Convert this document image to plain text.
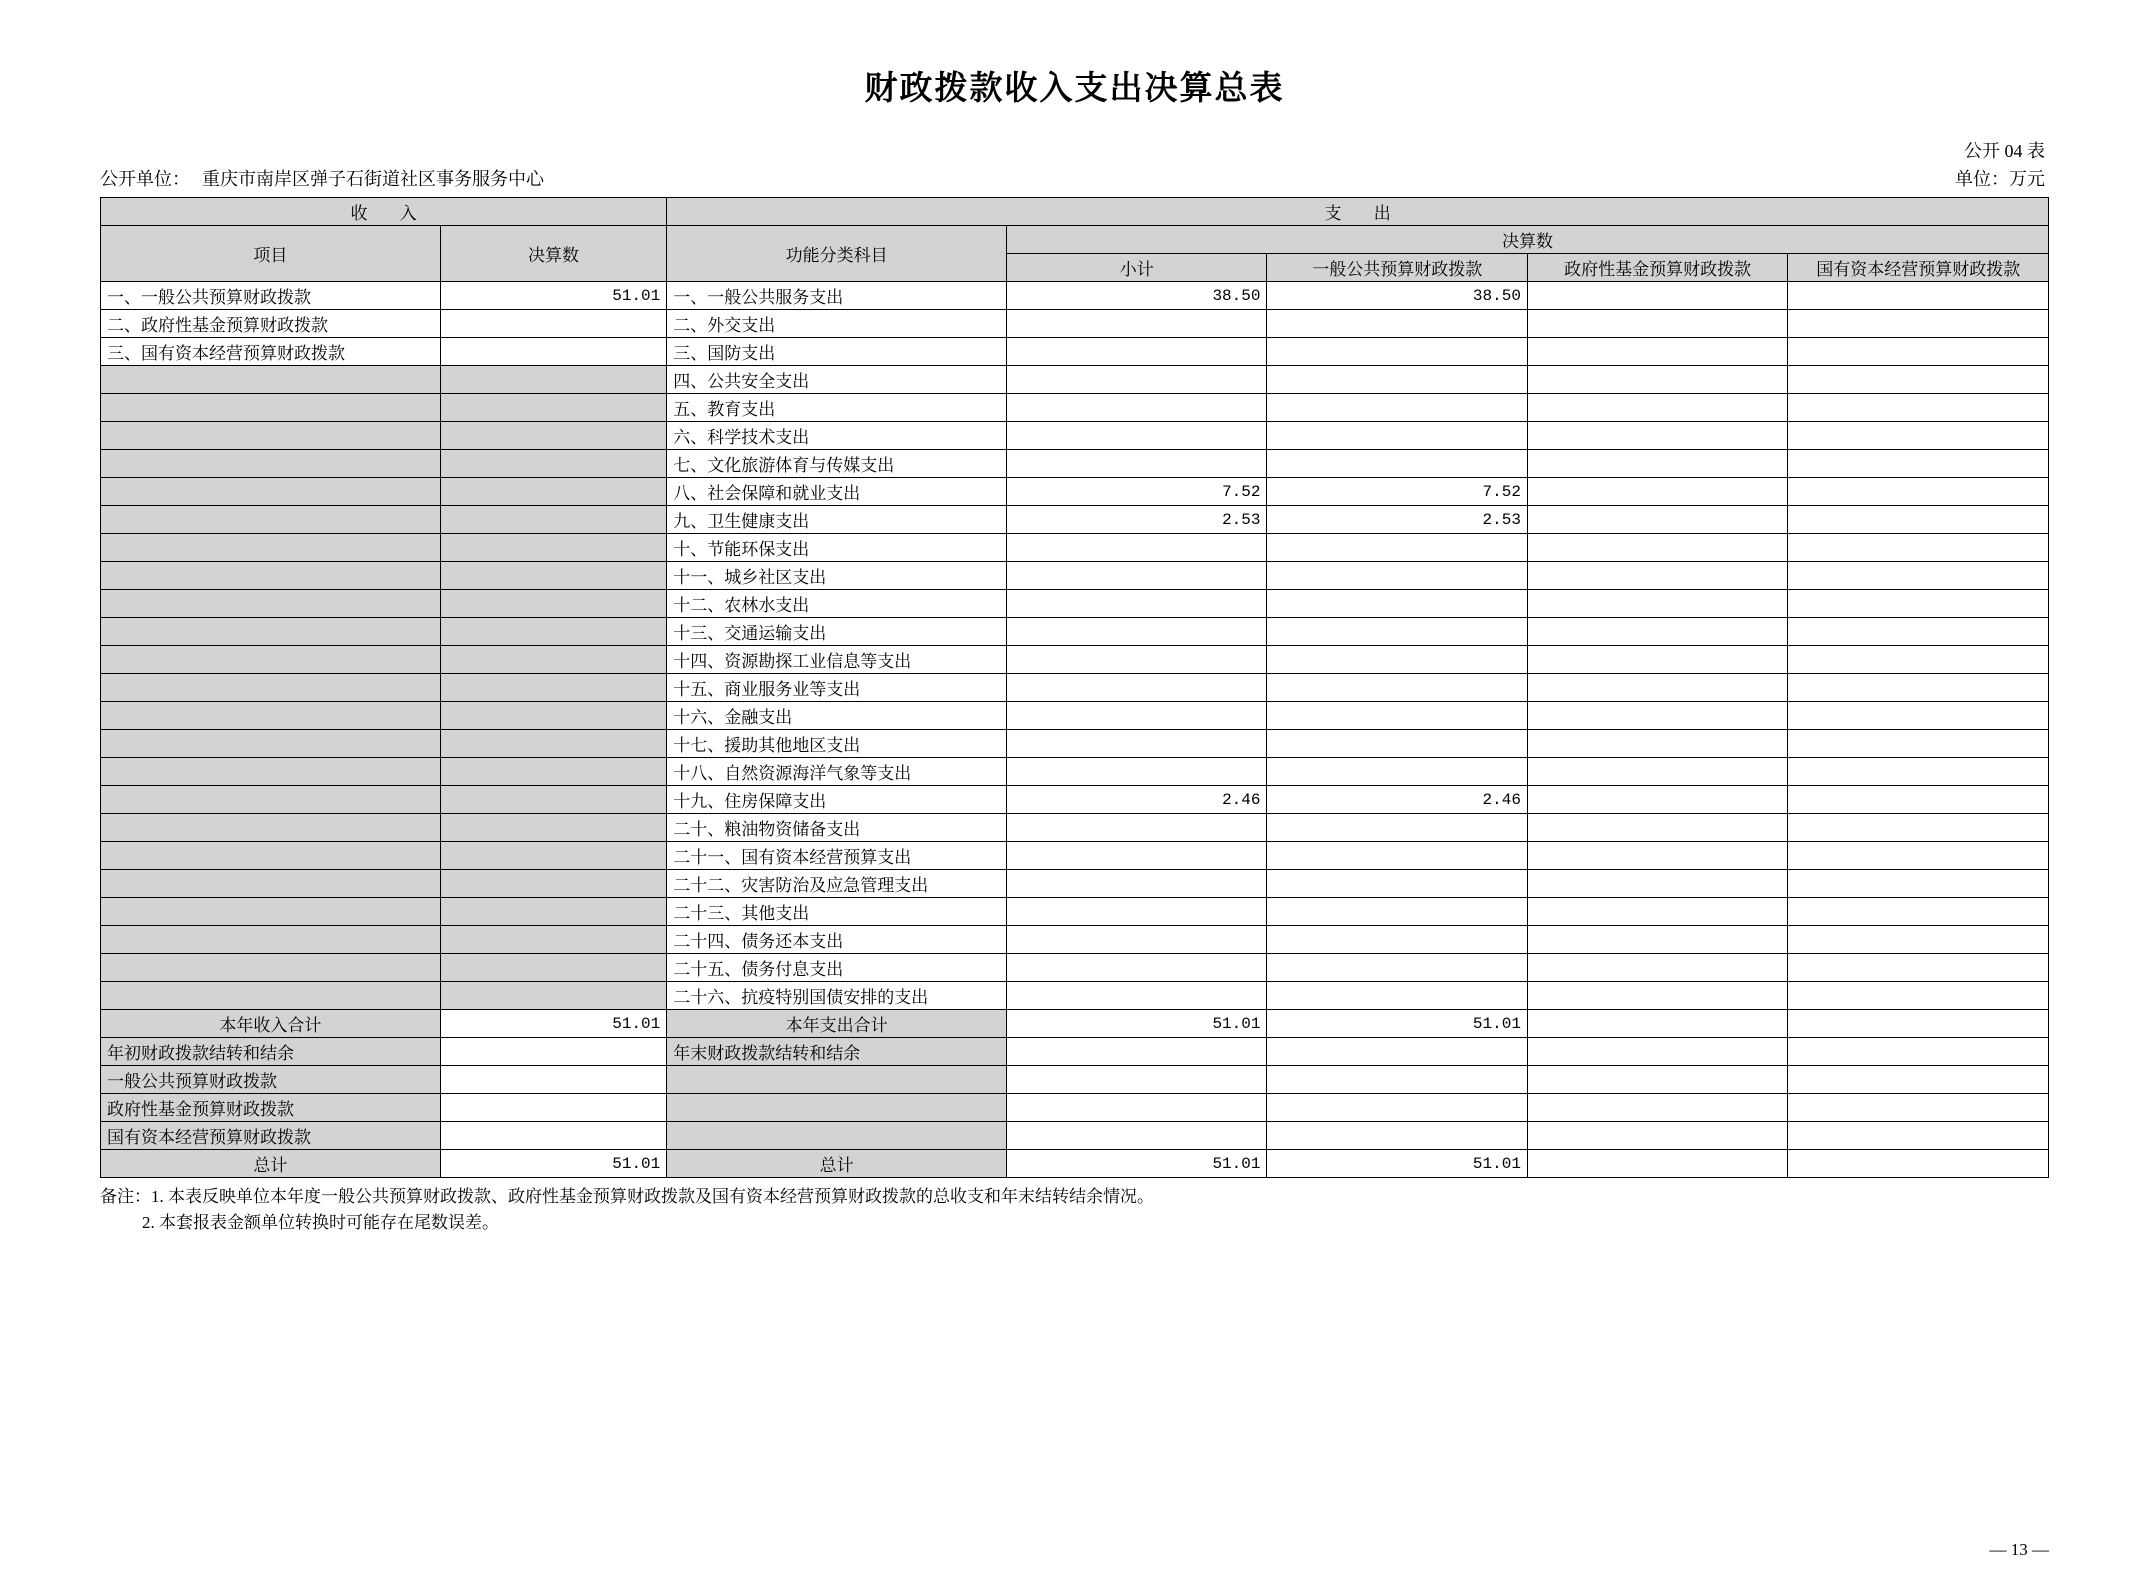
财政拨款收入支出决算总表
公开 04 表
公开单位： 重庆市南岸区弹子石街道社区事务服务中心	单位：万元
收 入		支 出				
项目	决算数	功能分类科目	决算数			
			小计	一般公共预算财政拨款	政府性基金预算财政拨款	国有资本经营预算财政拨款
一、一般公共预算财政拨款	51.01	一、一般公共服务支出	38.50	38.50		
二、政府性基金预算财政拨款		二、外交支出				
三、国有资本经营预算财政拨款		三、国防支出				
		四、公共安全支出				
		五、教育支出				
		六、科学技术支出				
		七、文化旅游体育与传媒支出				
		八、社会保障和就业支出	7.52	7.52		
		九、卫生健康支出	2.53	2.53		
		十、节能环保支出				
		十一、城乡社区支出				
		十二、农林水支出				
		十三、交通运输支出				
		十四、资源勘探工业信息等支出				
		十五、商业服务业等支出				
		十六、金融支出				
		十七、援助其他地区支出				
		十八、自然资源海洋气象等支出				
		十九、住房保障支出	2.46	2.46		
		二十、粮油物资储备支出				
		二十一、国有资本经营预算支出				
		二十二、灾害防治及应急管理支出				
		二十三、其他支出				
		二十四、债务还本支出				
		二十五、债务付息支出				
		二十六、抗疫特别国债安排的支出				
本年收入合计	51.01	本年支出合计	51.01	51.01		
年初财政拨款结转和结余		年末财政拨款结转和结余				
一般公共预算财政拨款						
政府性基金预算财政拨款						
国有资本经营预算财政拨款						
总计	51.01	总计	51.01	51.01		
备注：1. 本表反映单位本年度一般公共预算财政拨款、政府性基金预算财政拨款及国有资本经营预算财政拨款的总收支和年末结转结余情况。
2. 本套报表金额单位转换时可能存在尾数误差。
— 13 —
